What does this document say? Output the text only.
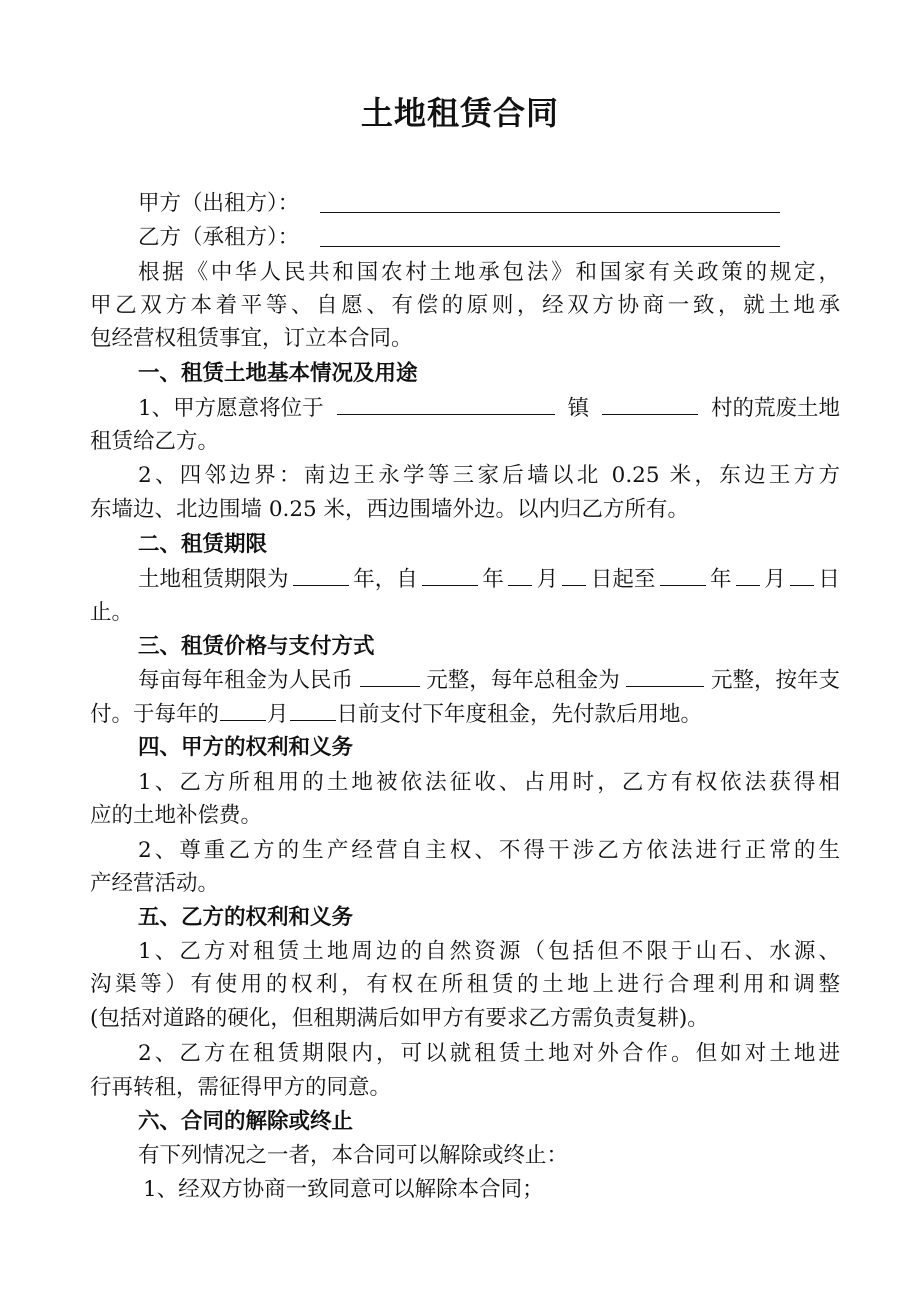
土地租赁合同
甲方（出租方）：
乙方（承租方）：
根据《中华人民共和国农村土地承包法》和国家有关政策的规定，
甲乙双方本着平等、自愿、有偿的原则，经双方协商一致，就土地承
包经营权租赁事宜，订立本合同。
一、租赁土地基本情况及用途
1、甲方愿意将位于	镇	村的荒废土地
租赁给乙方。
2、四邻边界：南边王永学等三家后墙以北 0.25 米，东边王方方
东墙边、北边围墙 0.25 米，西边围墙外边。以内归乙方所有。
二、租赁期限
土地租赁期限为	年，自	年 月 日起至	年 月 日
止。
三、租赁价格与支付方式
每亩每年租金为人民币	元整，每年总租金为	元整，按年支
付。于每年的 月 日前支付下年度租金，先付款后用地。
四、甲方的权利和义务
1、乙方所租用的土地被依法征收、占用时，乙方有权依法获得相
应的土地补偿费。
2、尊重乙方的生产经营自主权、不得干涉乙方依法进行正常的生
产经营活动。
五、乙方的权利和义务
1、乙方对租赁土地周边的自然资源（包括但不限于山石、水源、
沟渠等）有使用的权利，有权在所租赁的土地上进行合理利用和调整
(包括对道路的硬化，但租期满后如甲方有要求乙方需负责复耕)。
2、乙方在租赁期限内，可以就租赁土地对外合作。但如对土地进
行再转租，需征得甲方的同意。
六、合同的解除或终止
有下列情况之一者，本合同可以解除或终止：
1、经双方协商一致同意可以解除本合同；
